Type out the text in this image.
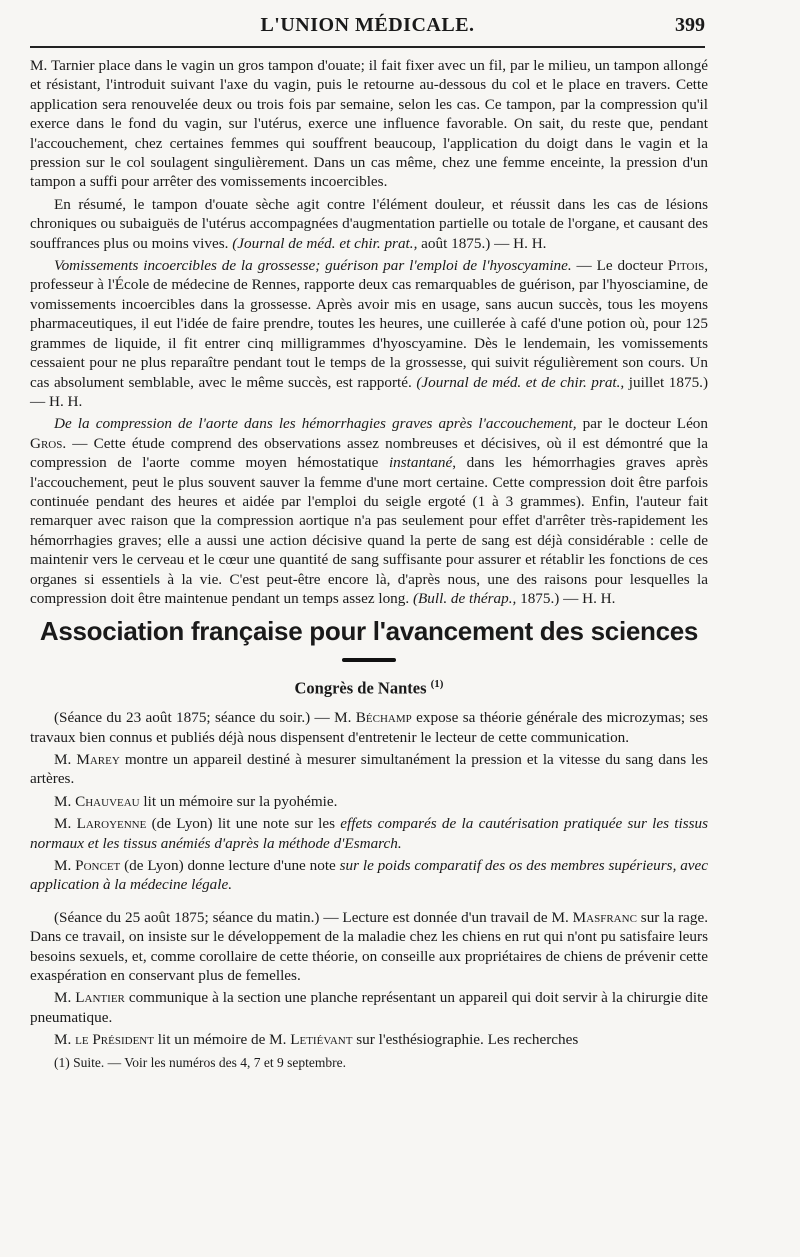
L'UNION MÉDICALE.	399

M. Tarnier place dans le vagin un gros tampon d'ouate; il fait fixer avec un fil, par le milieu, un tampon allongé et résistant, l'introduit suivant l'axe du vagin, puis le retourne au-dessous du col et le place en travers. Cette application sera renouvelée deux ou trois fois par semaine, selon les cas. Ce tampon, par la compression qu'il exerce dans le fond du vagin, sur l'utérus, exerce une influence favorable. On sait, du reste que, pendant l'accouchement, chez certaines femmes qui souffrent beaucoup, l'application du doigt dans le vagin et la pression sur le col soulagent singulièrement. Dans un cas même, chez une femme enceinte, la pression d'un tampon a suffi pour arrêter des vomissements incoercibles.

En résumé, le tampon d'ouate sèche agit contre l'élément douleur, et réussit dans les cas de lésions chroniques ou subaiguës de l'utérus accompagnées d'augmentation partielle ou totale de l'organe, et causant des souffrances plus ou moins vives. (Journal de méd. et chir. prat., août 1875.) — H. H.

Vomissements incoercibles de la grossesse; guérison par l'emploi de l'hyoscyamine. — Le docteur Pitois, professeur à l'École de médecine de Rennes, rapporte deux cas remarquables de guérison, par l'hyosciamine, de vomissements incoercibles dans la grossesse. Après avoir mis en usage, sans aucun succès, tous les moyens pharmaceutiques, il eut l'idée de faire prendre, toutes les heures, une cuillerée à café d'une potion où, pour 125 grammes de liquide, il fit entrer cinq milligrammes d'hyoscyamine. Dès le lendemain, les vomissements cessaient pour ne plus reparaître pendant tout le temps de la grossesse, qui suivit régulièrement son cours. Un cas absolument semblable, avec le même succès, est rapporté. (Journal de méd. et de chir. prat., juillet 1875.) — H. H.

De la compression de l'aorte dans les hémorrhagies graves après l'accouchement, par le docteur Léon Gros. — Cette étude comprend des observations assez nombreuses et décisives, où il est démontré que la compression de l'aorte comme moyen hémostatique instantané, dans les hémorrhagies graves après l'accouchement, peut le plus souvent sauver la femme d'une mort certaine. Cette compression doit être parfois continuée pendant des heures et aidée par l'emploi du seigle ergoté (1 à 3 grammes). Enfin, l'auteur fait remarquer avec raison que la compression aortique n'a pas seulement pour effet d'arrêter très-rapidement les hémorrhagies graves; elle a aussi une action décisive quand la perte de sang est déjà considérable : celle de maintenir vers le cerveau et le cœur une quantité de sang suffisante pour assurer et rétablir les fonctions de ces organes si essentiels à la vie. C'est peut-être encore là, d'après nous, une des raisons pour lesquelles la compression doit être maintenue pendant un temps assez long. (Bull. de thérap., 1875.) — H. H.

Association française pour l'avancement des sciences
Congrès de Nantes $^{(1)}$

(Séance du 23 août 1875; séance du soir.) — M. Béchamp expose sa théorie générale des microzymas; ses travaux bien connus et publiés déjà nous dispensent d'entretenir le lecteur de cette communication.

M. Marey montre un appareil destiné à mesurer simultanément la pression et la vitesse du sang dans les artères.

M. Chauveau lit un mémoire sur la pyohémie.

M. Laroyenne (de Lyon) lit une note sur les effets comparés de la cautérisation pratiquée sur les tissus normaux et les tissus anémiés d'après la méthode d'Esmarch.

M. Poncet (de Lyon) donne lecture d'une note sur le poids comparatif des os des membres supérieurs, avec application à la médecine légale.

(Séance du 25 août 1875; séance du matin.) — Lecture est donnée d'un travail de M. Masfranc sur la rage. Dans ce travail, on insiste sur le développement de la maladie chez les chiens en rut qui n'ont pu satisfaire leurs besoins sexuels, et, comme corollaire de cette théorie, on conseille aux propriétaires de chiens de prévenir cette exaspération en conservant plus de femelles.

M. Lantier communique à la section une planche représentant un appareil qui doit servir à la chirurgie dite pneumatique.

M. le Président lit un mémoire de M. Letiévant sur l'esthésiographie. Les recherches

(1) Suite. — Voir les numéros des 4, 7 et 9 septembre.
